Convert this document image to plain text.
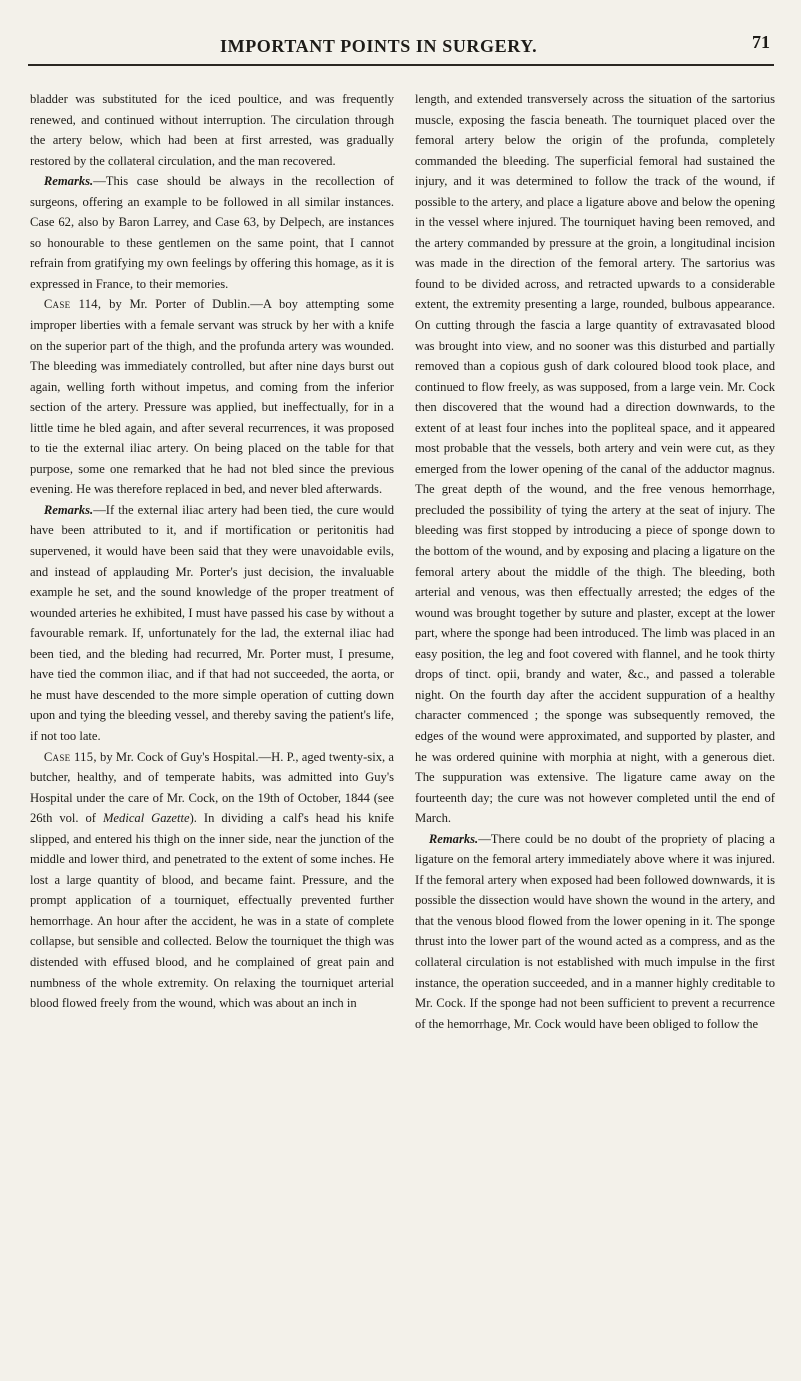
IMPORTANT POINTS IN SURGERY.	71

bladder was substituted for the iced poultice, and was frequently renewed, and continued without interruption. The circulation through the artery below, which had been at first arrested, was gradually restored by the collateral circulation, and the man recovered.

Remarks.—This case should be always in the recollection of surgeons, offering an example to be followed in all similar instances. Case 62, also by Baron Larrey, and Case 63, by Delpech, are instances so honourable to these gentlemen on the same point, that I cannot refrain from gratifying my own feelings by offering this homage, as it is expressed in France, to their memories.

Case 114, by Mr. Porter of Dublin.—A boy attempting some improper liberties with a female servant was struck by her with a knife on the superior part of the thigh, and the profunda artery was wounded. The bleeding was immediately controlled, but after nine days burst out again, welling forth without impetus, and coming from the inferior section of the artery. Pressure was applied, but ineffectually, for in a little time he bled again, and after several recurrences, it was proposed to tie the external iliac artery. On being placed on the table for that purpose, some one remarked that he had not bled since the previous evening. He was therefore replaced in bed, and never bled afterwards.

Remarks.—If the external iliac artery had been tied, the cure would have been attributed to it, and if mortification or peritonitis had supervened, it would have been said that they were unavoidable evils, and instead of applauding Mr. Porter's just decision, the invaluable example he set, and the sound knowledge of the proper treatment of wounded arteries he exhibited, I must have passed his case by without a favourable remark. If, unfortunately for the lad, the external iliac had been tied, and the bleding had recurred, Mr. Porter must, I presume, have tied the common iliac, and if that had not succeeded, the aorta, or he must have descended to the more simple operation of cutting down upon and tying the bleeding vessel, and thereby saving the patient's life, if not too late.

Case 115, by Mr. Cock of Guy's Hospital.—H. P., aged twenty-six, a butcher, healthy, and of temperate habits, was admitted into Guy's Hospital under the care of Mr. Cock, on the 19th of October, 1844 (see 26th vol. of Medical Gazette). In dividing a calf's head his knife slipped, and entered his thigh on the inner side, near the junction of the middle and lower third, and penetrated to the extent of some inches. He lost a large quantity of blood, and became faint. Pressure, and the prompt application of a tourniquet, effectually prevented further hemorrhage. An hour after the accident, he was in a state of complete collapse, but sensible and collected. Below the tourniquet the thigh was distended with effused blood, and he complained of great pain and numbness of the whole extremity. On relaxing the tourniquet arterial blood flowed freely from the wound, which was about an inch in

length, and extended transversely across the situation of the sartorius muscle, exposing the fascia beneath. The tourniquet placed over the femoral artery below the origin of the profunda, completely commanded the bleeding. The superficial femoral had sustained the injury, and it was determined to follow the track of the wound, if possible to the artery, and place a ligature above and below the opening in the vessel where injured. The tourniquet having been removed, and the artery commanded by pressure at the groin, a longitudinal incision was made in the direction of the femoral artery. The sartorius was found to be divided across, and retracted upwards to a considerable extent, the extremity presenting a large, rounded, bulbous appearance. On cutting through the fascia a large quantity of extravasated blood was brought into view, and no sooner was this disturbed and partially removed than a copious gush of dark coloured blood took place, and continued to flow freely, as was supposed, from a large vein. Mr. Cock then discovered that the wound had a direction downwards, to the extent of at least four inches into the popliteal space, and it appeared most probable that the vessels, both artery and vein were cut, as they emerged from the lower opening of the canal of the adductor magnus. The great depth of the wound, and the free venous hemorrhage, precluded the possibility of tying the artery at the seat of injury. The bleeding was first stopped by introducing a piece of sponge down to the bottom of the wound, and by exposing and placing a ligature on the femoral artery about the middle of the thigh. The bleeding, both arterial and venous, was then effectually arrested; the edges of the wound was brought together by suture and plaster, except at the lower part, where the sponge had been introduced. The limb was placed in an easy position, the leg and foot covered with flannel, and he took thirty drops of tinct. opii, brandy and water, &c., and passed a tolerable night. On the fourth day after the accident suppuration of a healthy character commenced ; the sponge was subsequently removed, the edges of the wound were approximated, and supported by plaster, and he was ordered quinine with morphia at night, with a generous diet. The suppuration was extensive. The ligature came away on the fourteenth day; the cure was not however completed until the end of March.

Remarks.—There could be no doubt of the propriety of placing a ligature on the femoral artery immediately above where it was injured. If the femoral artery when exposed had been followed downwards, it is possible the dissection would have shown the wound in the artery, and that the venous blood flowed from the lower opening in it. The sponge thrust into the lower part of the wound acted as a compress, and as the collateral circulation is not established with much impulse in the first instance, the operation succeeded, and in a manner highly creditable to Mr. Cock. If the sponge had not been sufficient to prevent a recurrence of the hemorrhage, Mr. Cock would have been obliged to follow the
